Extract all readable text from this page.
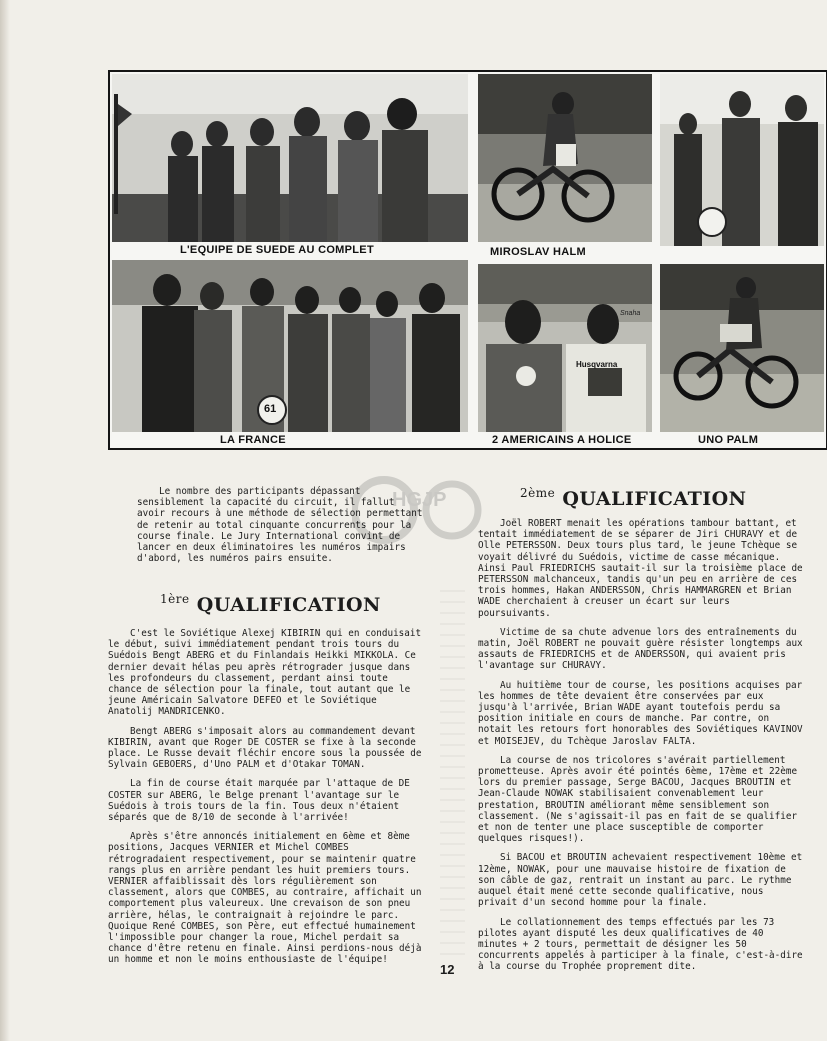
L'EQUIPE DE SUEDE AU COMPLET	MIROSLAV HALM
61
LA FRANCE
Snaha
Husqvarna
2 AMERICAINS A HOLICE	UNO PALM
HGJP

Le nombre des participants dépassant sensiblement la capacité du circuit, il fallut avoir recours à une méthode de sélection permettant de retenir au total cinquante concurrents pour la course finale. Le Jury International convint de lancer en deux éliminatoires les numéros impairs d'abord, les numéros pairs ensuite.

$^{1ère}$ QUALIFICATION

C'est le Soviétique Alexej KIBIRIN qui en conduisait le début, suivi immédiatement pendant trois tours du Suédois Bengt ABERG et du Finlandais Heikki MIKKOLA. Ce dernier devait hélas peu après rétrograder jusque dans les profondeurs du classement, perdant ainsi toute chance de sélection pour la finale, tout autant que le jeune Américain Salvatore DEFEO et le Soviétique Anatolij MANDRICENKO.

Bengt ABERG s'imposait alors au commandement devant KIBIRIN, avant que Roger DE COSTER se fixe à la seconde place. Le Russe devait fléchir encore sous la poussée de Sylvain GEBOERS, d'Uno PALM et d'Otakar TOMAN.

La fin de course était marquée par l'attaque de DE COSTER sur ABERG, le Belge prenant l'avantage sur le Suédois à trois tours de la fin. Tous deux n'étaient séparés que de 8/10 de seconde à l'arrivée!

Après s'être annoncés initialement en 6ème et 8ème positions, Jacques VERNIER et Michel COMBES rétrogradaient respectivement, pour se maintenir quatre rangs plus en arrière pendant les huit premiers tours. VERNIER affaiblissait dès lors régulièrement son classement, alors que COMBES, au contraire, affichait un comportement plus valeureux. Une crevaison de son pneu arrière, hélas, le contraignait à rejoindre le parc. Quoique René COMBES, son Père, eut effectué humainement l'impossible pour changer la roue, Michel perdait sa chance d'être retenu en finale. Ainsi perdions-nous déjà un homme et non le moins enthousiaste de l'équipe!

$^{2ème}$ QUALIFICATION

Joël ROBERT menait les opérations tambour battant, et tentait immédiatement de se séparer de Jiri CHURAVY et de Olle PETERSSON. Deux tours plus tard, le jeune Tchèque se voyait délivré du Suédois, victime de casse mécanique. Ainsi Paul FRIEDRICHS sautait-il sur la troisième place de PETERSSON malchanceux, tandis qu'un peu en arrière de ces trois hommes, Hakan ANDERSSON, Chris HAMMARGREN et Brian WADE cherchaient à creuser un écart sur leurs poursuivants.

Victime de sa chute advenue lors des entraînements du matin, Joël ROBERT ne pouvait guère résister longtemps aux assauts de FRIEDRICHS et de ANDERSSON, qui avaient pris l'avantage sur CHURAVY.

Au huitième tour de course, les positions acquises par les hommes de tête devaient être conservées par eux jusqu'à l'arrivée, Brian WADE ayant toutefois perdu sa position initiale en cours de manche. Par contre, on notait les retours fort honorables des Soviétiques KAVINOV et MOISEJEV, du Tchèque Jaroslav FALTA.

La course de nos tricolores s'avérait partiellement prometteuse. Après avoir été pointés 6ème, 17ème et 22ème lors du premier passage, Serge BACOU, Jacques BROUTIN et Jean-Claude NOWAK stabilisaient convenablement leur prestation, BROUTIN améliorant même sensiblement son classement. (Ne s'agissait-il pas en fait de se qualifier et non de tenter une place susceptible de comporter quelques risques!).

Si BACOU et BROUTIN achevaient respectivement 10ème et 12ème, NOWAK, pour une mauvaise histoire de fixation de son câble de gaz, rentrait un instant au parc. Le rythme auquel était mené cette seconde qualificative, nous privait d'un second homme pour la finale.

Le collationnement des temps effectués par les 73 pilotes ayant disputé les deux qualificatives de 40 minutes + 2 tours, permettait de désigner les 50 concurrents appelés à participer à la finale, c'est-à-dire à la course du Trophée proprement dite.

12
